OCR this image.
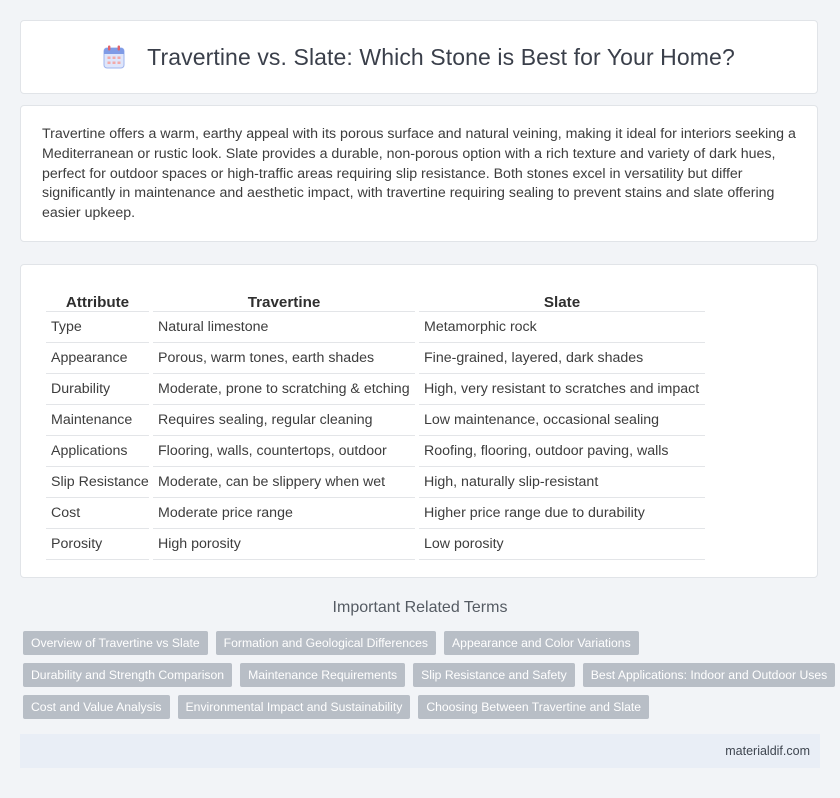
Travertine vs. Slate: Which Stone is Best for Your Home?

Travertine offers a warm, earthy appeal with its porous surface and natural veining, making it ideal for interiors seeking a Mediterranean or rustic look. Slate provides a durable, non-porous option with a rich texture and variety of dark hues, perfect for outdoor spaces or high-traffic areas requiring slip resistance. Both stones excel in versatility but differ significantly in maintenance and aesthetic impact, with travertine requiring sealing to prevent stains and slate offering easier upkeep.

Attribute	Travertine	Slate
Type	Natural limestone	Metamorphic rock
Appearance	Porous, warm tones, earth shades	Fine-grained, layered, dark shades
Durability	Moderate, prone to scratching & etching	High, very resistant to scratches and impact
Maintenance	Requires sealing, regular cleaning	Low maintenance, occasional sealing
Applications	Flooring, walls, countertops, outdoor	Roofing, flooring, outdoor paving, walls
Slip Resistance	Moderate, can be slippery when wet	High, naturally slip-resistant
Cost	Moderate price range	Higher price range due to durability
Porosity	High porosity	Low porosity
Important Related Terms
Overview of Travertine vs Slate	Formation and Geological Differences	Appearance and Color Variations
Durability and Strength Comparison	Maintenance Requirements	Slip Resistance and Safety	Best Applications: Indoor and Outdoor Uses
Cost and Value Analysis	Environmental Impact and Sustainability	Choosing Between Travertine and Slate
materialdif.com
